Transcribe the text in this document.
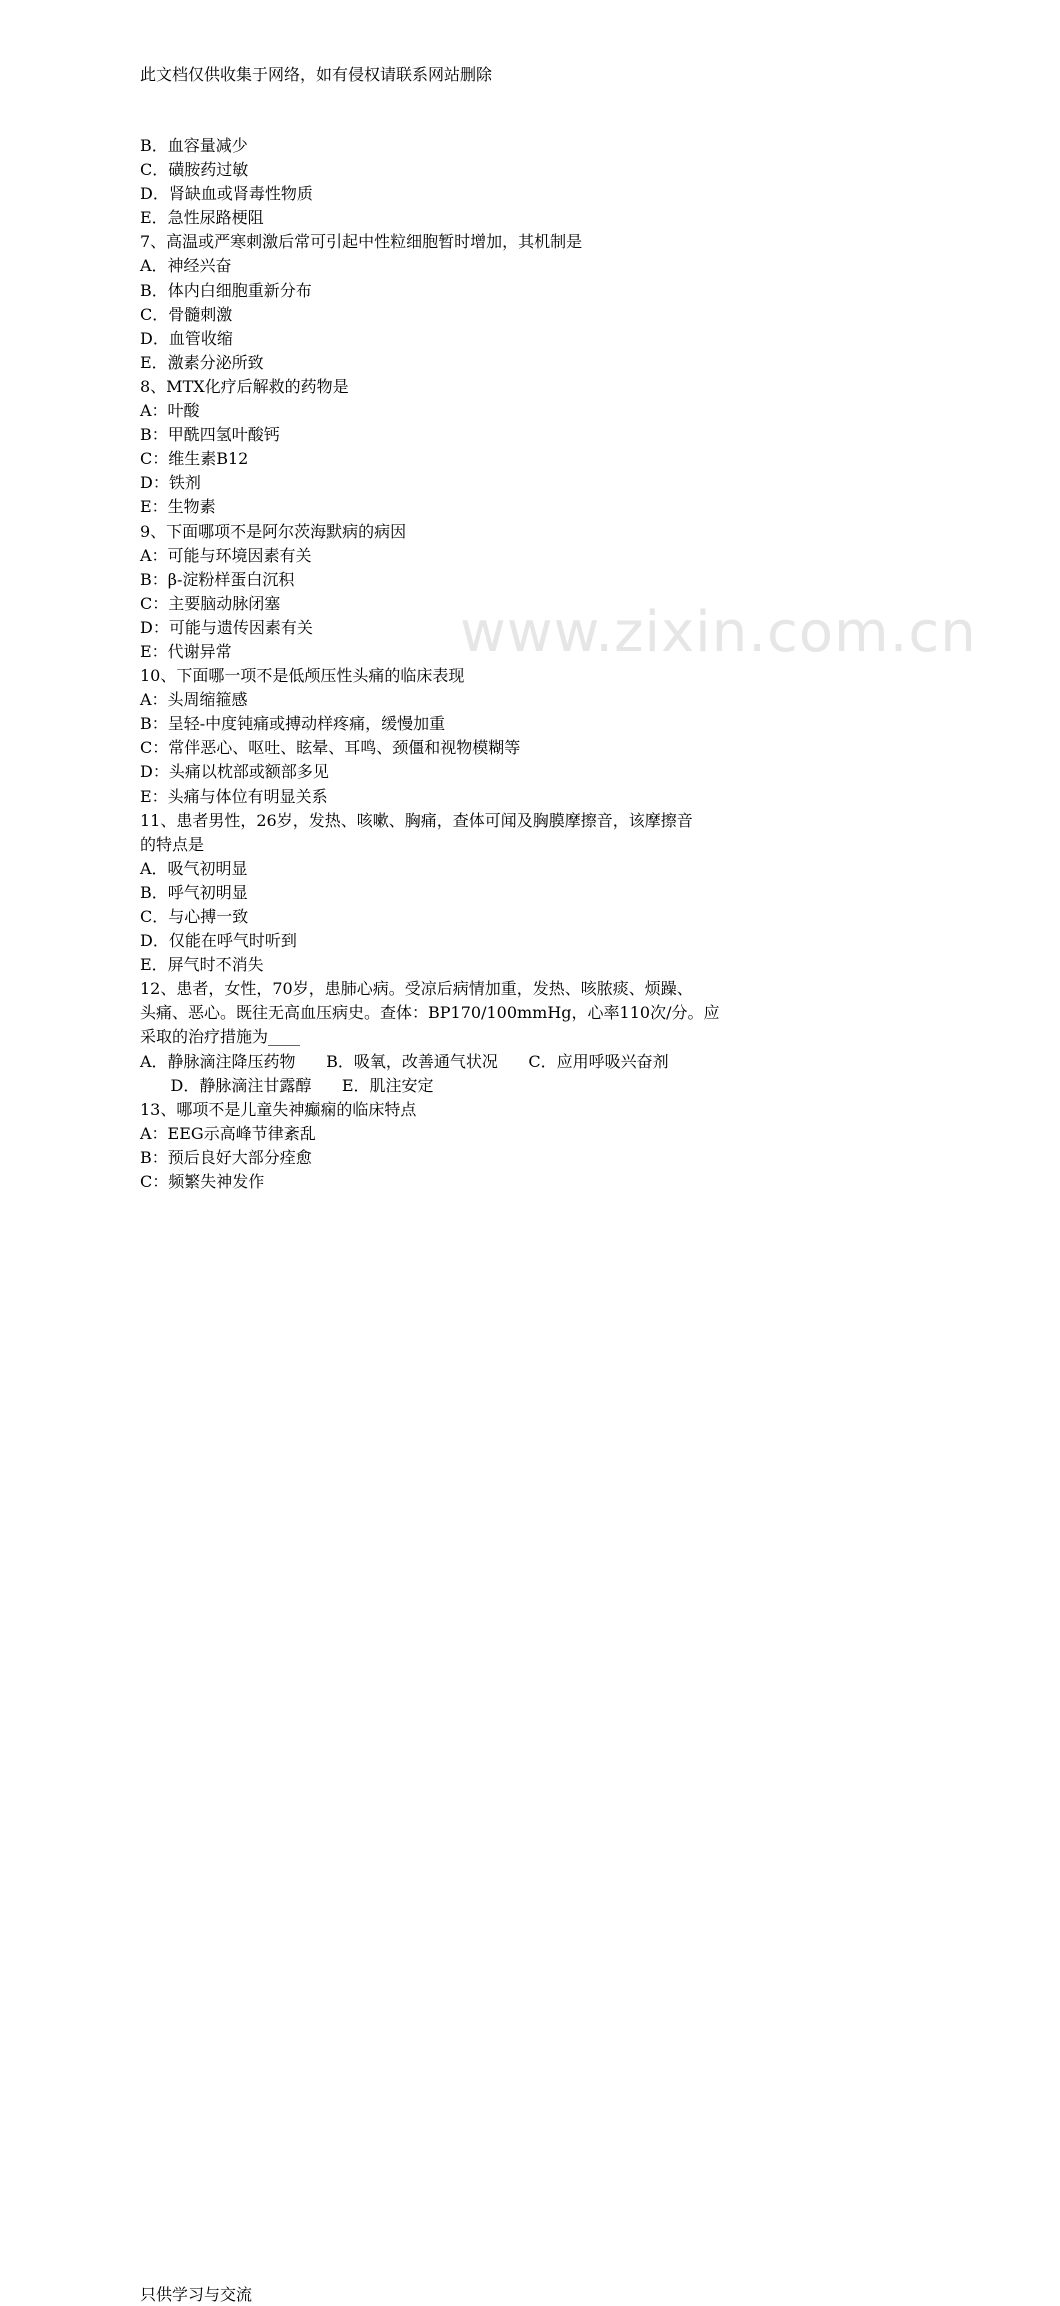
www.zixin.com.cn
此文档仅供收集于网络，如有侵权请联系网站删除
B．血容量减少
C．磺胺药过敏
D．肾缺血或肾毒性物质
E．急性尿路梗阻
7、高温或严寒刺激后常可引起中性粒细胞暂时增加，其机制是
A．神经兴奋
B．体内白细胞重新分布
C．骨髓刺激
D．血管收缩
E．激素分泌所致
8、MTX化疗后解救的药物是
A：叶酸
B：甲酰四氢叶酸钙
C：维生素B12
D：铁剂
E：生物素
9、下面哪项不是阿尔茨海默病的病因
A：可能与环境因素有关
B：β-淀粉样蛋白沉积
C：主要脑动脉闭塞
D：可能与遗传因素有关
E：代谢异常
10、下面哪一项不是低颅压性头痛的临床表现
A：头周缩箍感
B：呈轻-中度钝痛或搏动样疼痛，缓慢加重
C：常伴恶心、呕吐、眩晕、耳鸣、颈僵和视物模糊等
D：头痛以枕部或额部多见
E：头痛与体位有明显关系
11、患者男性，26岁，发热、咳嗽、胸痛，查体可闻及胸膜摩擦音，该摩擦音
的特点是
A．吸气初明显
B．呼气初明显
C．与心搏一致
D．仅能在呼气时听到
E．屏气时不消失
12、患者，女性，70岁，患肺心病。受凉后病情加重，发热、咳脓痰、烦躁、
头痛、恶心。既往无高血压病史。查体：BP170/100mmHg，心率110次/分。应
采取的治疗措施为____
A．静脉滴注降压药物      B．吸氧，改善通气状况      C．应用呼吸兴奋剂
D．静脉滴注甘露醇      E．肌注安定
13、哪项不是儿童失神癫痫的临床特点
A：EEG示高峰节律紊乱
B：预后良好大部分痊愈
C：频繁失神发作
只供学习与交流
